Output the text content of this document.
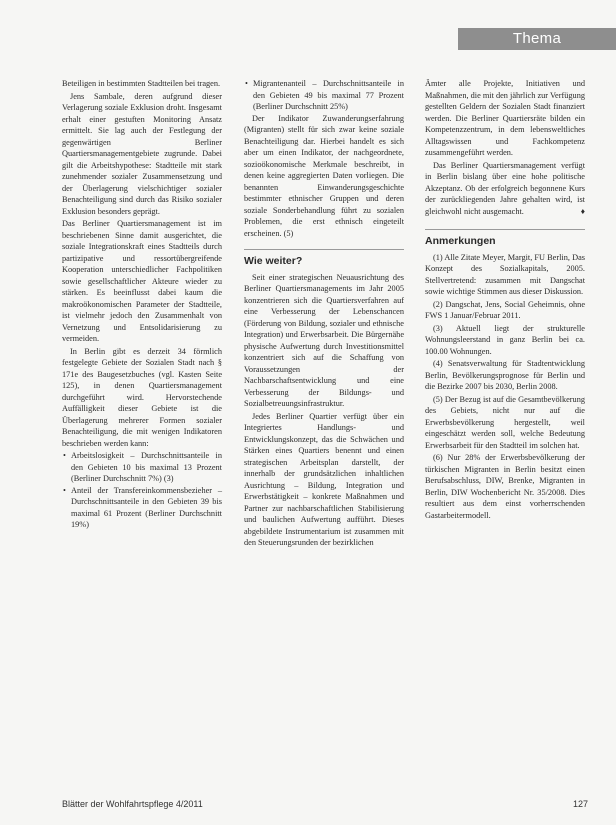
Thema

Beteiligen in bestimmten Stadtteilen bei tragen.

Jens Sambale, deren aufgrund dieser Verlagerung soziale Exklusion droht. Insgesamt erhalt einer gestuften Monitoring Ansatz ermittelt. Sie lag auch der Festlegung der gegenwärtigen Berliner Quartiersmanagementgebiete zugrunde. Dabei gilt die Arbeitshypothese: Stadtteile mit stark zunehmender sozialer Zusammensetzung und der Überlagerung vielschichtiger sozialer Benachteiligung sind durch das Risiko sozialer Exklusion besonders geprägt.

Das Berliner Quartiersmanagement ist im beschriebenen Sinne damit ausgerichtet, die soziale Integrationskraft eines Stadtteils durch partizipative und ressortübergreifende Kooperation unterschiedlicher Fachpolitiken sowie gesellschaftlicher Akteure wieder zu stärken. Es beeinflusst dabei kaum die makroökonomischen Parameter der Stadtteile, ist vielmehr jedoch den Zusammenhalt von Vernetzung und Entsolidarisierung zu vermeiden.

In Berlin gibt es derzeit 34 förmlich festgelegte Gebiete der Sozialen Stadt nach § 171e des Baugesetzbuches (vgl. Kasten Seite 125), in denen Quartiersmanagement durchgeführt wird. Hervorstechende Auffälligkeit dieser Gebiete ist die Überlagerung mehrerer Formen sozialer Benachteiligung, die mit wenigen Indikatoren beschrieben werden kann:

• Arbeitslosigkeit – Durchschnittsanteile in den Gebieten 10 bis maximal 13 Prozent (Berliner Durchschnitt 7%) (3)
• Anteil der Transfereinkommensbezieher – Durchschnittsanteile in den Gebieten 39 bis maximal 61 Prozent (Berliner Durchschnitt 19%)
• Migrantenanteil – Durchschnittsanteile in den Gebieten 49 bis maximal 77 Prozent (Berliner Durchschnitt 25%)

Der Indikator Zuwanderungserfahrung (Migranten) stellt für sich zwar keine soziale Benachteiligung dar. Hierbei handelt es sich aber um einen Indikator, der nachgeordnete, sozioökonomische Merkmale beschreibt, in denen keine aggregierten Daten vorliegen. Die benannten Einwanderungsgeschichte bestimmter ethnischer Gruppen und deren soziale Sonderbehandlung führt zu sozialen Problemen, die erst ethnisch eingeteilt erscheinen. (5)

Wie weiter?

Seit einer strategischen Neuausrichtung des Berliner Quartiersmanagements im Jahr 2005 konzentrieren sich die Quartiersverfahren auf eine Verbesserung der Lebenschancen (Förderung von Bildung, sozialer und ethnische Integration) und Erwerbsarbeit. Die Bürgernähe physische Aufwertung durch Investitionsmittel konzentriert sich auf die Schaffung von Voraussetzungen der Nachbarschaftsentwicklung und eine Verbesserung der Bildungs- und Sozialbetreuungsinfrastruktur.

Jedes Berliner Quartier verfügt über ein Integriertes Handlungs- und Entwicklungskonzept, das die Schwächen und Stärken eines Quartiers benennt und einen strategischen Arbeitsplan darstellt, der innerhalb der grundsätzlichen inhaltlichen Ausrichtung – Bildung, Integration und Erwerbstätigkeit – konkrete Maßnahmen und Partner zur nachbarschaftlichen Stabilisierung und baulichen Aufwertung aufführt. Dieses abgebildete Instrumentarium ist zusammen mit den Steuerungsrunden der bezirklichen

Ämter alle Projekte, Initiativen und Maßnahmen, die mit den jährlich zur Verfügung gestellten Geldern der Sozialen Stadt finanziert werden. Die Berliner Quartiersräte bilden ein Kompetenzzentrum, in dem lebensweltliches Alltagswissen und Fachkompetenz zusammengeführt werden.

Das Berliner Quartiersmanagement verfügt in Berlin bislang über eine hohe politische Akzeptanz. Ob der erfolgreich begonnene Kurs der zurückliegenden Jahre gehalten wird, ist gleichwohl nicht ausgemacht.	♦

Anmerkungen

(1) Alle Zitate Meyer, Margit, FU Berlin, Das Konzept des Sozialkapitals, 2005. Stellvertretend: zusammen mit Dangschat sowie wichtige Stimmen aus dieser Diskussion.

(2) Dangschat, Jens, Social Geheimnis, ohne FWS 1 Januar/Februar 2011.

(3) Aktuell liegt der strukturelle Wohnungsleerstand in ganz Berlin bei ca. 100.00 Wohnungen.

(4) Senatsverwaltung für Stadtentwicklung Berlin, Bevölkerungsprognose für Berlin und die Bezirke 2007 bis 2030, Berlin 2008.

(5) Der Bezug ist auf die Gesamtbevölkerung des Gebiets, nicht nur auf die Erwerbsbevölkerung hergestellt, weil eingeschätzt werden soll, welche Bedeutung Erwerbsarbeit für den Stadtteil im solchen hat.

(6) Nur 28% der Erwerbsbevölkerung der türkischen Migranten in Berlin besitzt einen Berufsabschluss, DIW, Brenke, Migranten in Berlin, DIW Wochenbericht Nr. 35/2008. Dies resultiert aus dem einst vorherrschenden Gastarbeitermodell.

Blätter der Wohlfahrtspflege 4/2011	127
